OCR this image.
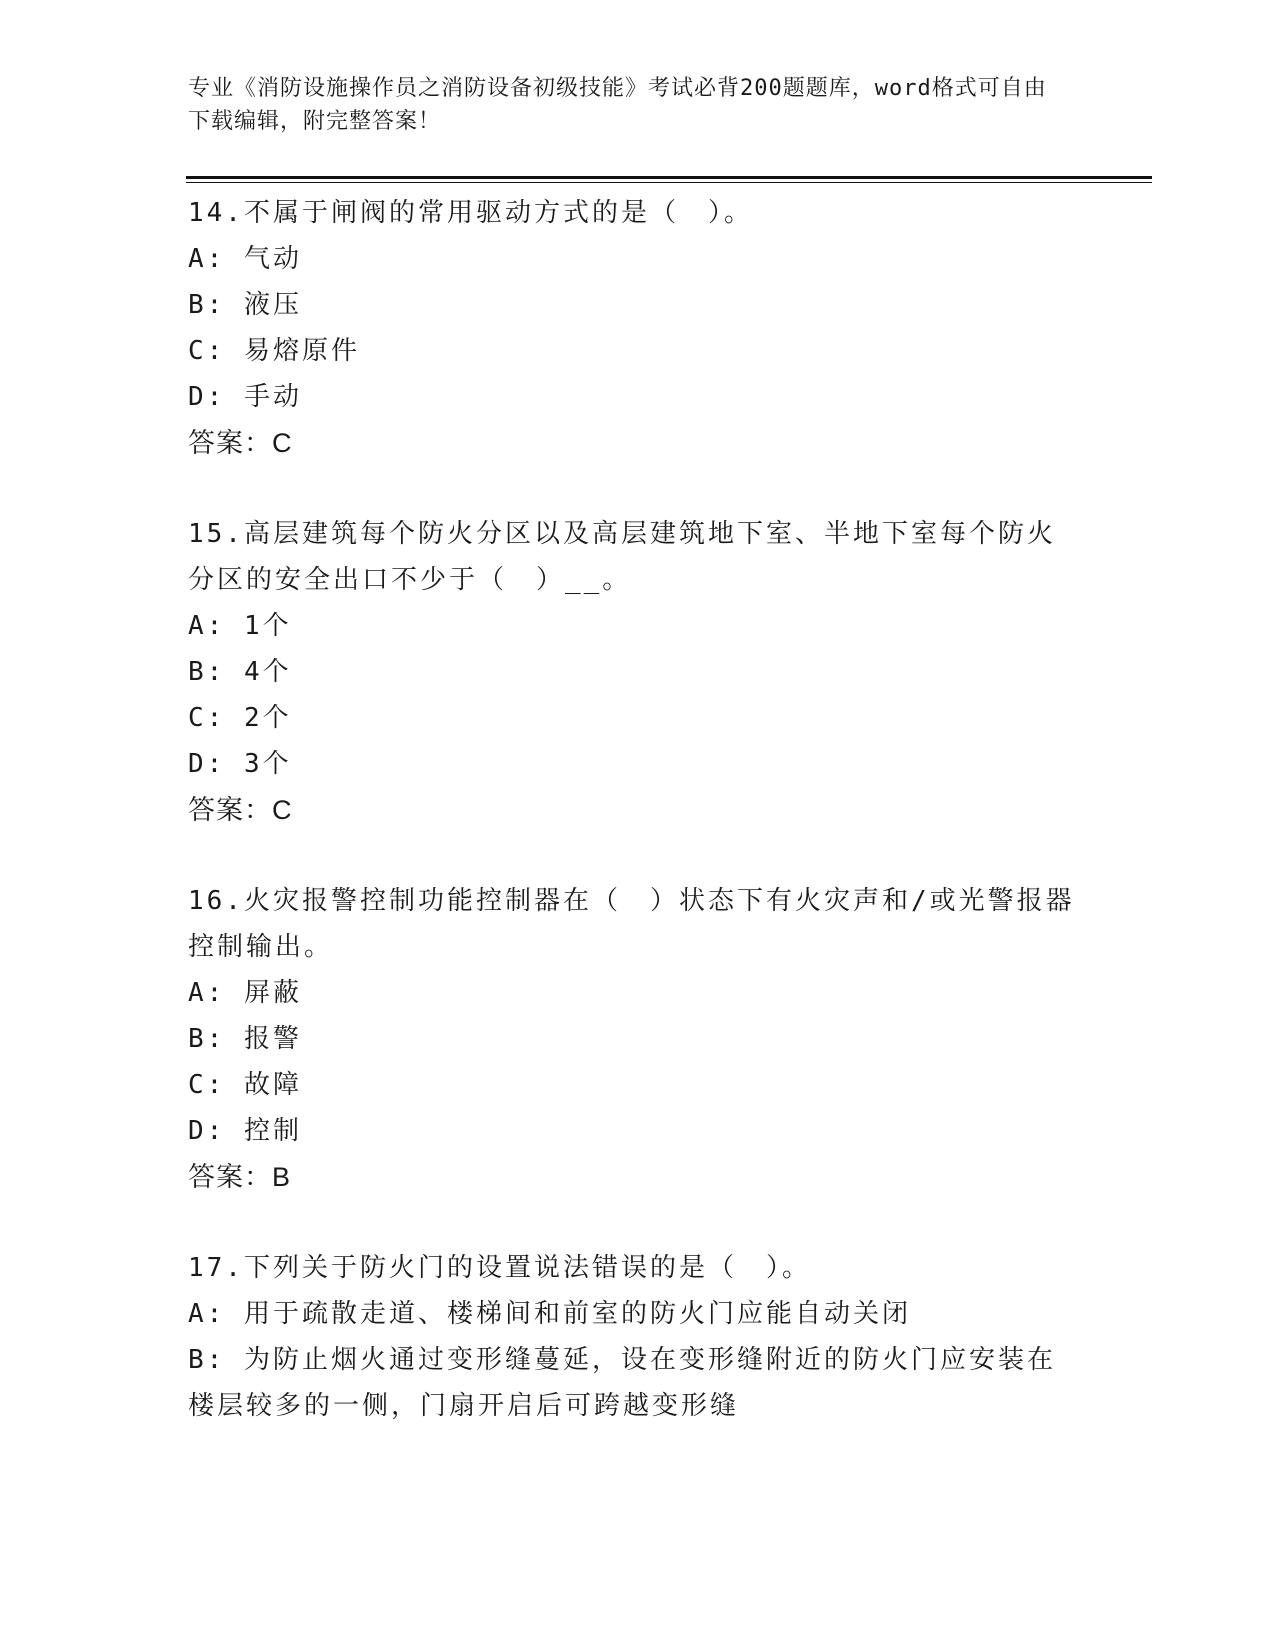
专业《消防设施操作员之消防设备初级技能》考试必背200题题库，word格式可自由下载编辑，附完整答案！
14.不属于闸阀的常用驱动方式的是（　）。
A: 气动
B: 液压
C: 易熔原件
D: 手动
答案：C
15.高层建筑每个防火分区以及高层建筑地下室、半地下室每个防火分区的安全出口不少于（　）__。
A: 1个
B: 4个
C: 2个
D: 3个
答案：C
16.火灾报警控制功能控制器在（　）状态下有火灾声和/或光警报器控制输出。
A: 屏蔽
B: 报警
C: 故障
D: 控制
答案：B
17.下列关于防火门的设置说法错误的是（　）。
A: 用于疏散走道、楼梯间和前室的防火门应能自动关闭
B: 为防止烟火通过变形缝蔓延，设在变形缝附近的防火门应安装在楼层较多的一侧，门扇开启后可跨越变形缝
